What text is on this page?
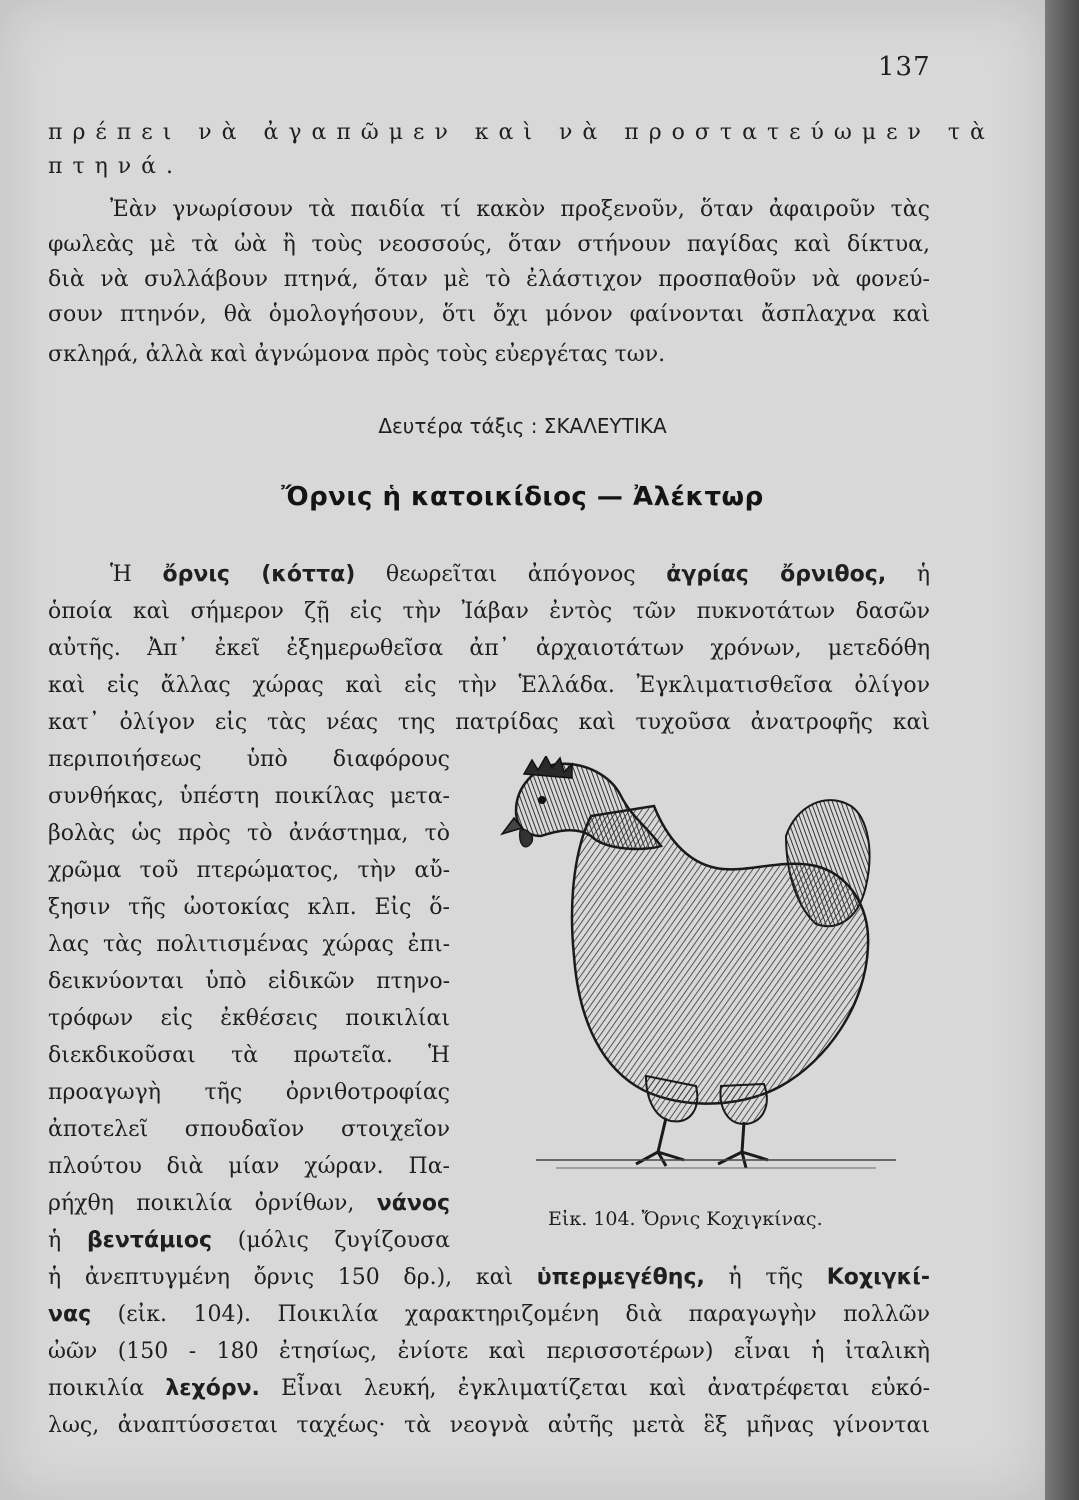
137
πρέπει νὰ ἀγαπῶμεν καὶ νὰ προστατεύωμεν τὰ
πτηνά.
Ἐὰν γνωρίσουν τὰ παιδία τί κακὸν προξενοῦν, ὅταν ἀφαιροῦν τὰς
φωλεὰς μὲ τὰ ὠὰ ἢ τοὺς νεοσσούς, ὅταν στήνουν παγίδας καὶ δίκτυα,
διὰ νὰ συλλάβουν πτηνά, ὅταν μὲ τὸ ἐλάστιχον προσπαθοῦν νὰ φονεύ-
σουν πτηνόν, θὰ ὁμολογήσουν, ὅτι ὄχι μόνον φαίνονται ἄσπλαχνα καὶ
σκληρά, ἀλλὰ καὶ ἀγνώμονα πρὸς τοὺς εὐεργέτας των.
Δευτέρα τάξις : ΣΚΑΛΕΥΤΙΚΑ
Ὄρνις ἡ κατοικίδιος — Ἀλέκτωρ
Ἡ ὄρνις (κόττα) θεωρεῖται ἀπόγονος ἀγρίας ὄρνιθος, ἡ
ὁποία καὶ σήμερον ζῇ εἰς τὴν Ἰάβαν ἐντὸς τῶν πυκνοτάτων δασῶν
αὐτῆς. Ἀπ᾽ ἐκεῖ ἐξημερωθεῖσα ἀπ᾽ ἀρχαιοτάτων χρόνων, μετεδόθη
καὶ εἰς ἄλλας χώρας καὶ εἰς τὴν Ἑλλάδα. Ἐγκλιματισθεῖσα ὀλίγον
κατ᾽ ὀλίγον εἰς τὰς νέας της πατρίδας καὶ τυχοῦσα ἀνατροφῆς καὶ
περιποιήσεως ὑπὸ διαφόρους
συνθήκας, ὑπέστη ποικίλας μετα-
βολὰς ὡς πρὸς τὸ ἀνάστημα, τὸ
χρῶμα τοῦ πτερώματος, τὴν αὔ-
ξησιν τῆς ὠοτοκίας κλπ. Εἰς ὅ-
λας τὰς πολιτισμένας χώρας ἐπι-
δεικνύονται ὑπὸ εἰδικῶν πτηνο-
τρόφων εἰς ἐκθέσεις ποικιλίαι
διεκδικοῦσαι τὰ πρωτεῖα. Ἡ
προαγωγὴ τῆς ὀρνιθοτροφίας
ἀποτελεῖ σπουδαῖον στοιχεῖον
πλούτου διὰ μίαν χώραν. Πα-
ρήχθη ποικιλία ὀρνίθων, νάνος
ἡ βεντάμιος (μόλις ζυγίζουσα
Εἰκ. 104. Ὄρνις Κοχιγκίνας.
ἡ ἀνεπτυγμένη ὄρνις 150 δρ.), καὶ ὑπερμεγέθης, ἡ τῆς Κοχιγκί-
νας (εἰκ. 104). Ποικιλία χαρακτηριζομένη διὰ παραγωγὴν πολλῶν
ὠῶν (150 - 180 ἐτησίως, ἐνίοτε καὶ περισσοτέρων) εἶναι ἡ ἰταλικὴ
ποικιλία λεχόρν. Εἶναι λευκή, ἐγκλιματίζεται καὶ ἀνατρέφεται εὐκό-
λως, ἀναπτύσσεται ταχέως· τὰ νεογνὰ αὐτῆς μετὰ ἓξ μῆνας γίνονται
